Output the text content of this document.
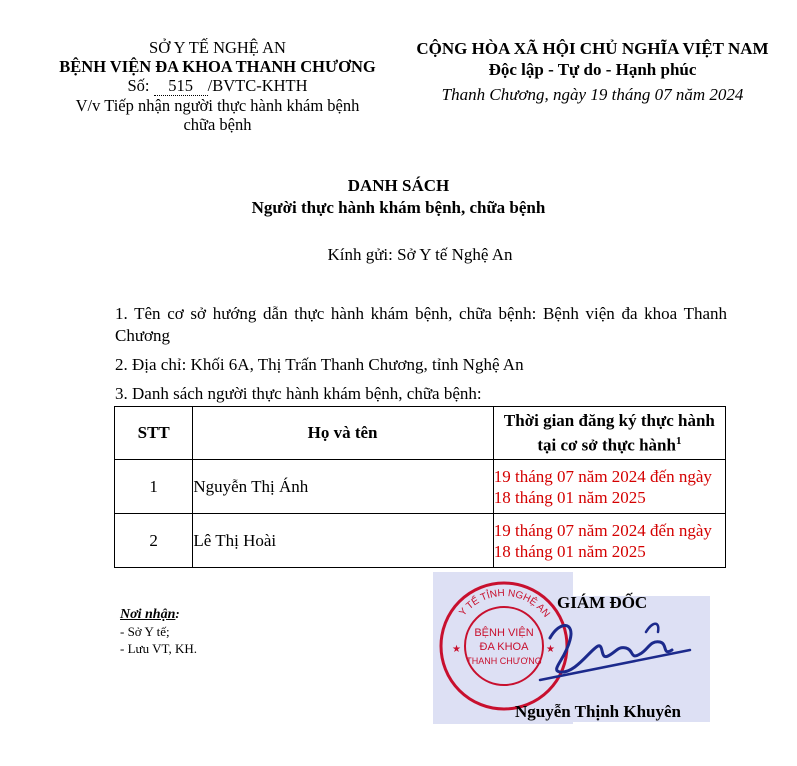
SỞ Y TẾ NGHỆ AN
BỆNH VIỆN ĐA KHOA THANH CHƯƠNG
Số: 515 /BVTC-KHTH
V/v Tiếp nhận người thực hành khám bệnh
chữa bệnh
CỘNG HÒA XÃ HỘI CHỦ NGHĨA VIỆT NAM
Độc lập - Tự do - Hạnh phúc
Thanh Chương, ngày 19 tháng 07 năm 2024
DANH SÁCH
Người thực hành khám bệnh, chữa bệnh
Kính gửi: Sở Y tế Nghệ An

1. Tên cơ sở hướng dẫn thực hành khám bệnh, chữa bệnh: Bệnh viện đa khoa Thanh Chương

2. Địa chỉ: Khối 6A, Thị Trấn Thanh Chương, tỉnh Nghệ An

3. Danh sách người thực hành khám bệnh, chữa bệnh:

STT	Họ và tên	Thời gian đăng ký thực hành tại cơ sở thực hành$^1$
1	Nguyễn Thị Ánh	19 tháng 07 năm 2024 đến ngày 18 tháng 01 năm 2025
2	Lê Thị Hoài	19 tháng 07 năm 2024 đến ngày 18 tháng 01 năm 2025
Nơi nhận:
- Sở Y tế;
- Lưu VT, KH.
Y TẾ TỈNH NGHỆ AN
BỆNH VIỆN
ĐA KHOA
THANH CHƯƠNG
★	★
GIÁM ĐỐC
Nguyễn Thịnh Khuyên
